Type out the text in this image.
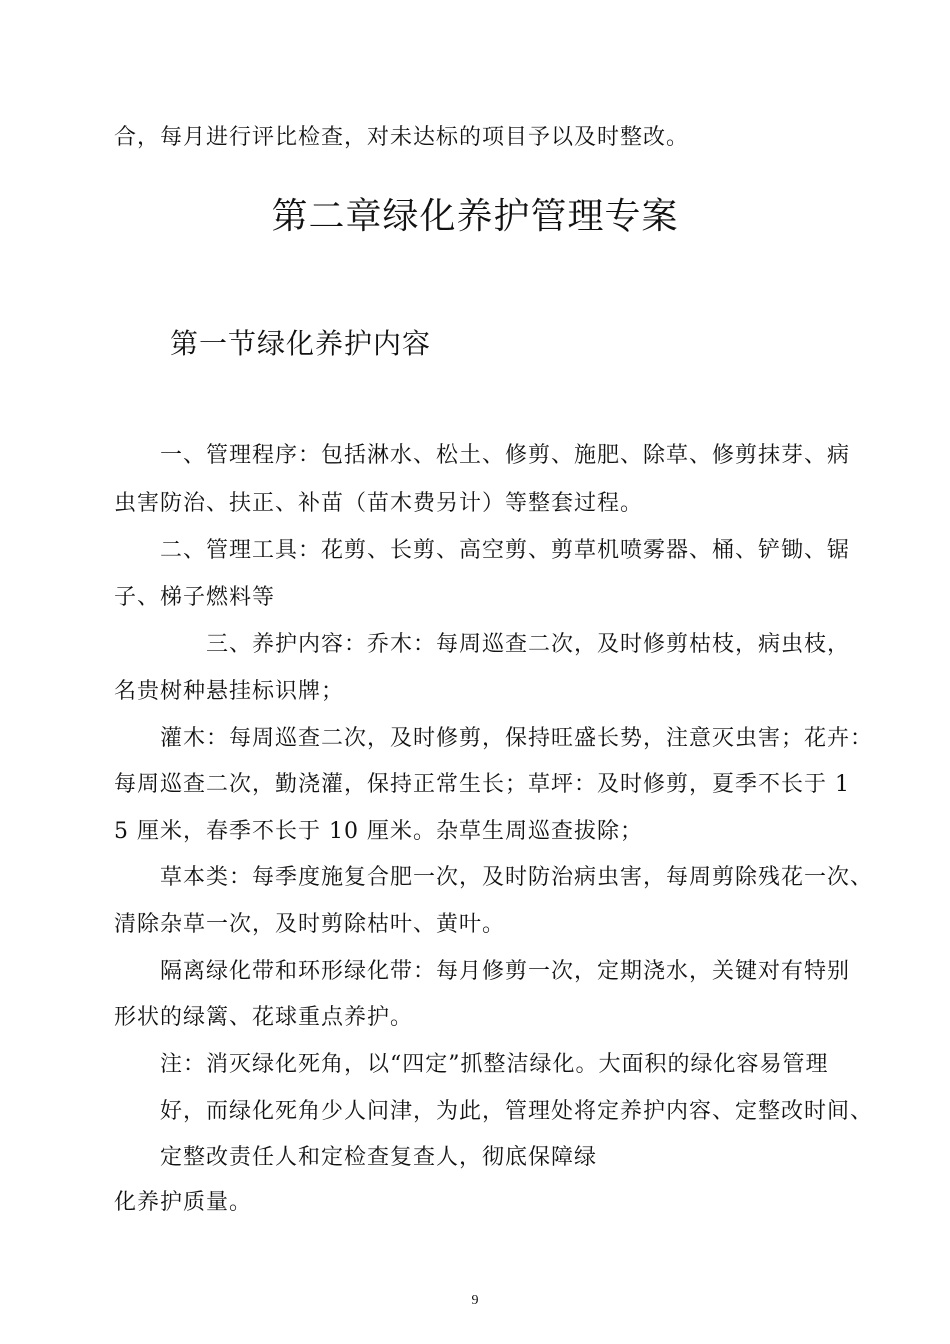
合，每月进行评比检查，对未达标的项目予以及时整改。
第二章绿化养护管理专案
第一节绿化养护内容
一、管理程序：包括淋水、松土、修剪、施肥、除草、修剪抹芽、病
虫害防治、扶正、补苗（苗木费另计）等整套过程。
二、管理工具：花剪、长剪、高空剪、剪草机喷雾器、桶、铲锄、锯
子、梯子燃料等
三、养护内容：乔木：每周巡查二次，及时修剪枯枝，病虫枝，
名贵树种悬挂标识牌；
灌木：每周巡查二次，及时修剪，保持旺盛长势，注意灭虫害；花卉：
每周巡查二次，勤浇灌，保持正常生长；草坪：及时修剪，夏季不长于 1
5 厘米，春季不长于 10 厘米。杂草生周巡查拔除；
草本类：每季度施复合肥一次，及时防治病虫害，每周剪除残花一次、
清除杂草一次，及时剪除枯叶、黄叶。
隔离绿化带和环形绿化带：每月修剪一次，定期浇水，关键对有特别
形状的绿篱、花球重点养护。
注：消灭绿化死角，以“四定”抓整洁绿化。大面积的绿化容易管理
好，而绿化死角少人问津，为此，管理处将定养护内容、定整改时间、
定整改责任人和定检查复查人，彻底保障绿
化养护质量。
9
